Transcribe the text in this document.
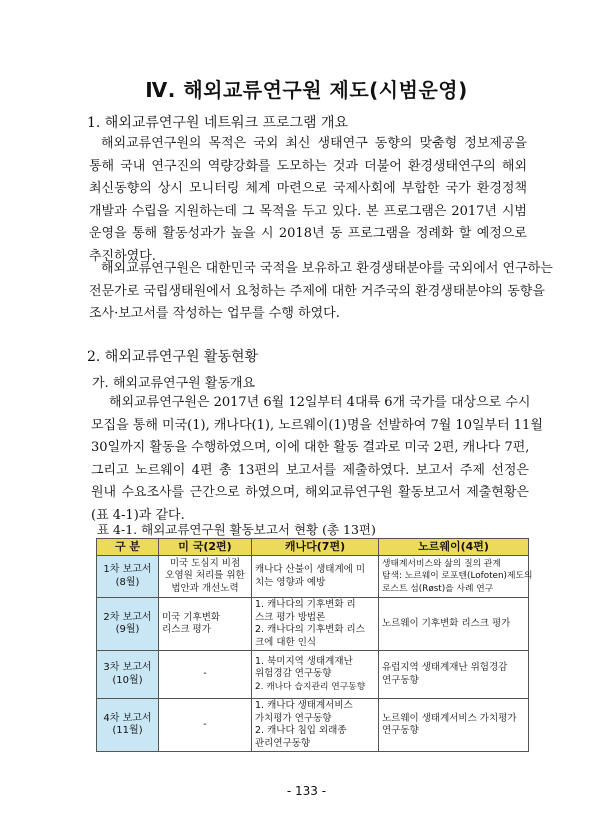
Ⅳ. 해외교류연구원 제도(시범운영)
1. 해외교류연구원 네트워크 프로그램 개요

해외교류연구원의 목적은 국외 최신 생태연구 동향의 맞춤형 정보제공을
통해 국내 연구진의 역량강화를 도모하는 것과 더불어 환경생태연구의 해외
최신동향의 상시 모니터링 체계 마련으로 국제사회에 부합한 국가 환경정책
개발과 수립을 지원하는데 그 목적을 두고 있다. 본 프로그램은 2017년 시범
운영을 통해 활동성과가 높을 시 2018년 동 프로그램을 정례화 할 예정으로
추진하였다.

해외교류연구원은 대한민국 국적을 보유하고 환경생태분야를 국외에서 연구하는
전문가로 국립생태원에서 요청하는 주제에 대한 거주국의 환경생태분야의 동향을
조사·보고서를 작성하는 업무를 수행 하였다.

2. 해외교류연구원 활동현황
가. 해외교류연구원 활동개요

해외교류연구원은 2017년 6월 12일부터 4대륙 6개 국가를 대상으로 수시
모집을 통해 미국(1), 캐나다(1), 노르웨이(1)명을 선발하여 7월 10일부터 11월
30일까지 활동을 수행하였으며, 이에 대한 활동 결과로 미국 2편, 캐나다 7편,
그리고 노르웨이 4편 총 13편의 보고서를 제출하였다. 보고서 주제 선정은
원내 수요조사를 근간으로 하였으며, 해외교류연구원 활동보고서 제출현황은
(표 4-1)과 같다.

표 4-1. 해외교류연구원 활동보고서 현황 (총 13편)
구 분	미 국(2편)	캐나다(7편)	노르웨이(4편)

1차 보고서
(8월)	미국 도심지 비점
오염원 처리를 위한
법안과 개선노력	캐나다 산불이 생태계에 미
치는 영향과 예방	생태계서비스와 삶의 질의 관계
탐색: 노르웨이 로포텐(Lofoten)제도의
로스트 섬(Røst)을 사례 연구

2차 보고서
(9월)	미국 기후변화
리스크 평가	1. 캐나다의 기후변화 리
스크 평가 방법론
2. 캐나다의 기후변화 리스
크에 대한 인식	노르웨이 기후변화 리스크 평가

3차 보고서
(10월)	-	1. 북미지역 생태계재난
위험경감 연구동향
2. 캐나다 습지관리 연구동향	유럽지역 생태계재난 위험경감
연구동향

4차 보고서
(11월)	-	1. 캐나다 생태계서비스
가치평가 연구동향
2. 캐나다 침입 외래종
관리연구동향	노르웨이 생태계서비스 가치평가
연구동향
- 133 -
